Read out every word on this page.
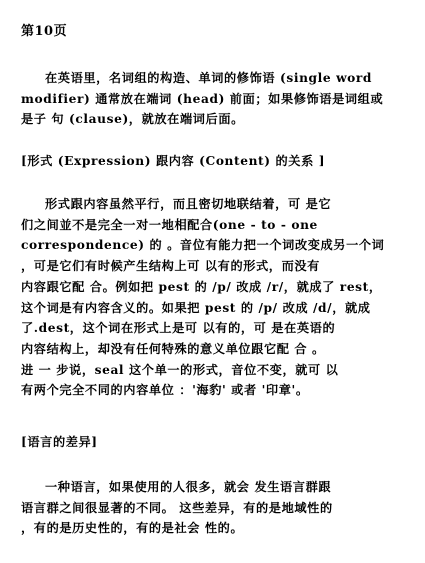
第10页
在英语里，名词组的构造、单词的修饰语 (single word
modifier) 通常放在端词 (head) 前面；如果修饰语是词组或
是子 句 (clause)，就放在端词后面。
[形式 (Expression) 跟内容 (Content) 的关系 ]
形式跟内容虽然平行，而且密切地联结着，可 是它
们之间並不是完全一对一地相配合(one - to - one
correspondence) 的 。音位有能力把一个词改变成另一个词
，可是它们有时候产生结构上可 以有的形式，而没有
内容跟它配 合。例如把 pest 的 /p/ 改成 /r/，就成了 rest，
这个词是有内容含义的。如果把 pest 的 /p/ 改成 /d/，就成
了.dest，这个词在形式上是可 以有的，可 是在英语的
内容结构上，却没有任何特殊的意义单位跟它配 合 。
进 一 步说，seal 这个单一的形式，音位不变，就可 以
有两个完全不同的内容单位 ：'海豹' 或者 '印章'。
[语言的差异]
一种语言，如果使用的人很多，就会 发生语言群跟
语言群之间很显著的不同。 这些差异，有的是地域性的
，有的是历史性的，有的是社会 性的。
